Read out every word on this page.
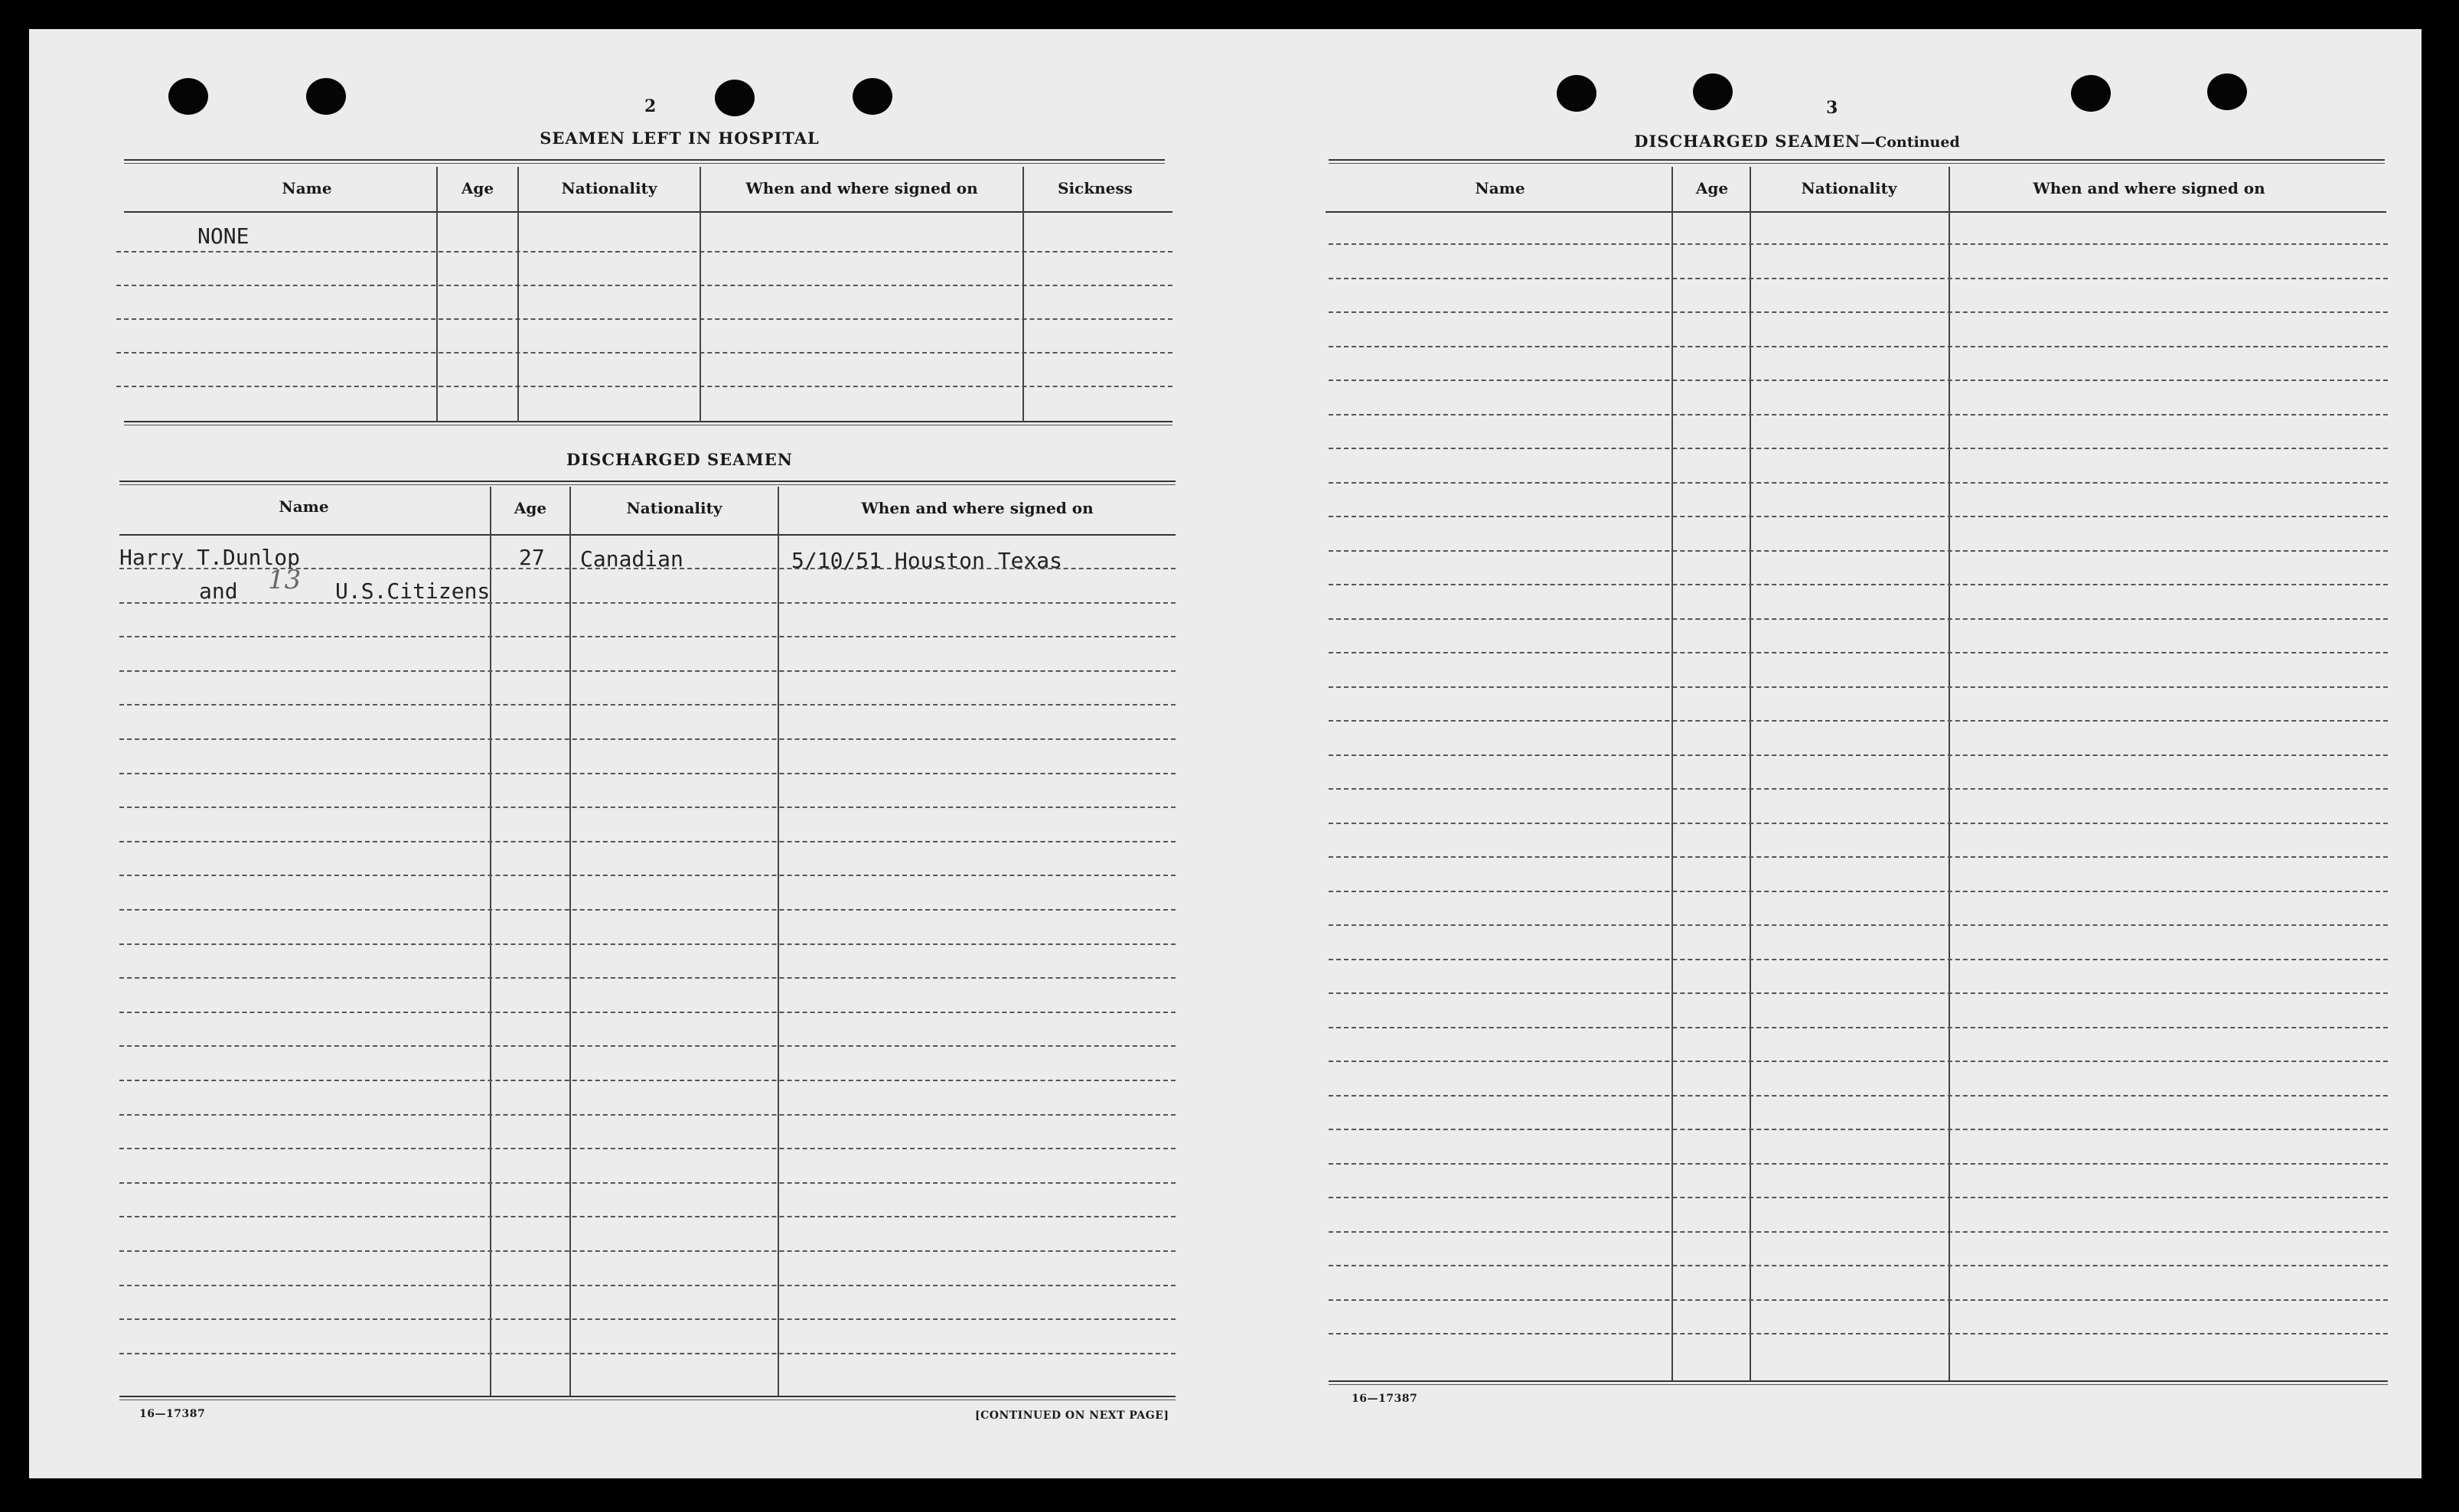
2
SEAMEN LEFT IN HOSPITAL
Name	Age	Nationality	When and where signed on	Sickness
NONE
DISCHARGED SEAMEN
Name	Age	Nationality	When and where signed on
Harry T.Dunlop	27 Canadian	5/10/51 Houston Texas
and 13 U.S.Citizens
16—17387	[CONTINUED ON NEXT PAGE]
3
DISCHARGED SEAMEN—Continued
Name	Age	Nationality	When and where signed on
16—17387
